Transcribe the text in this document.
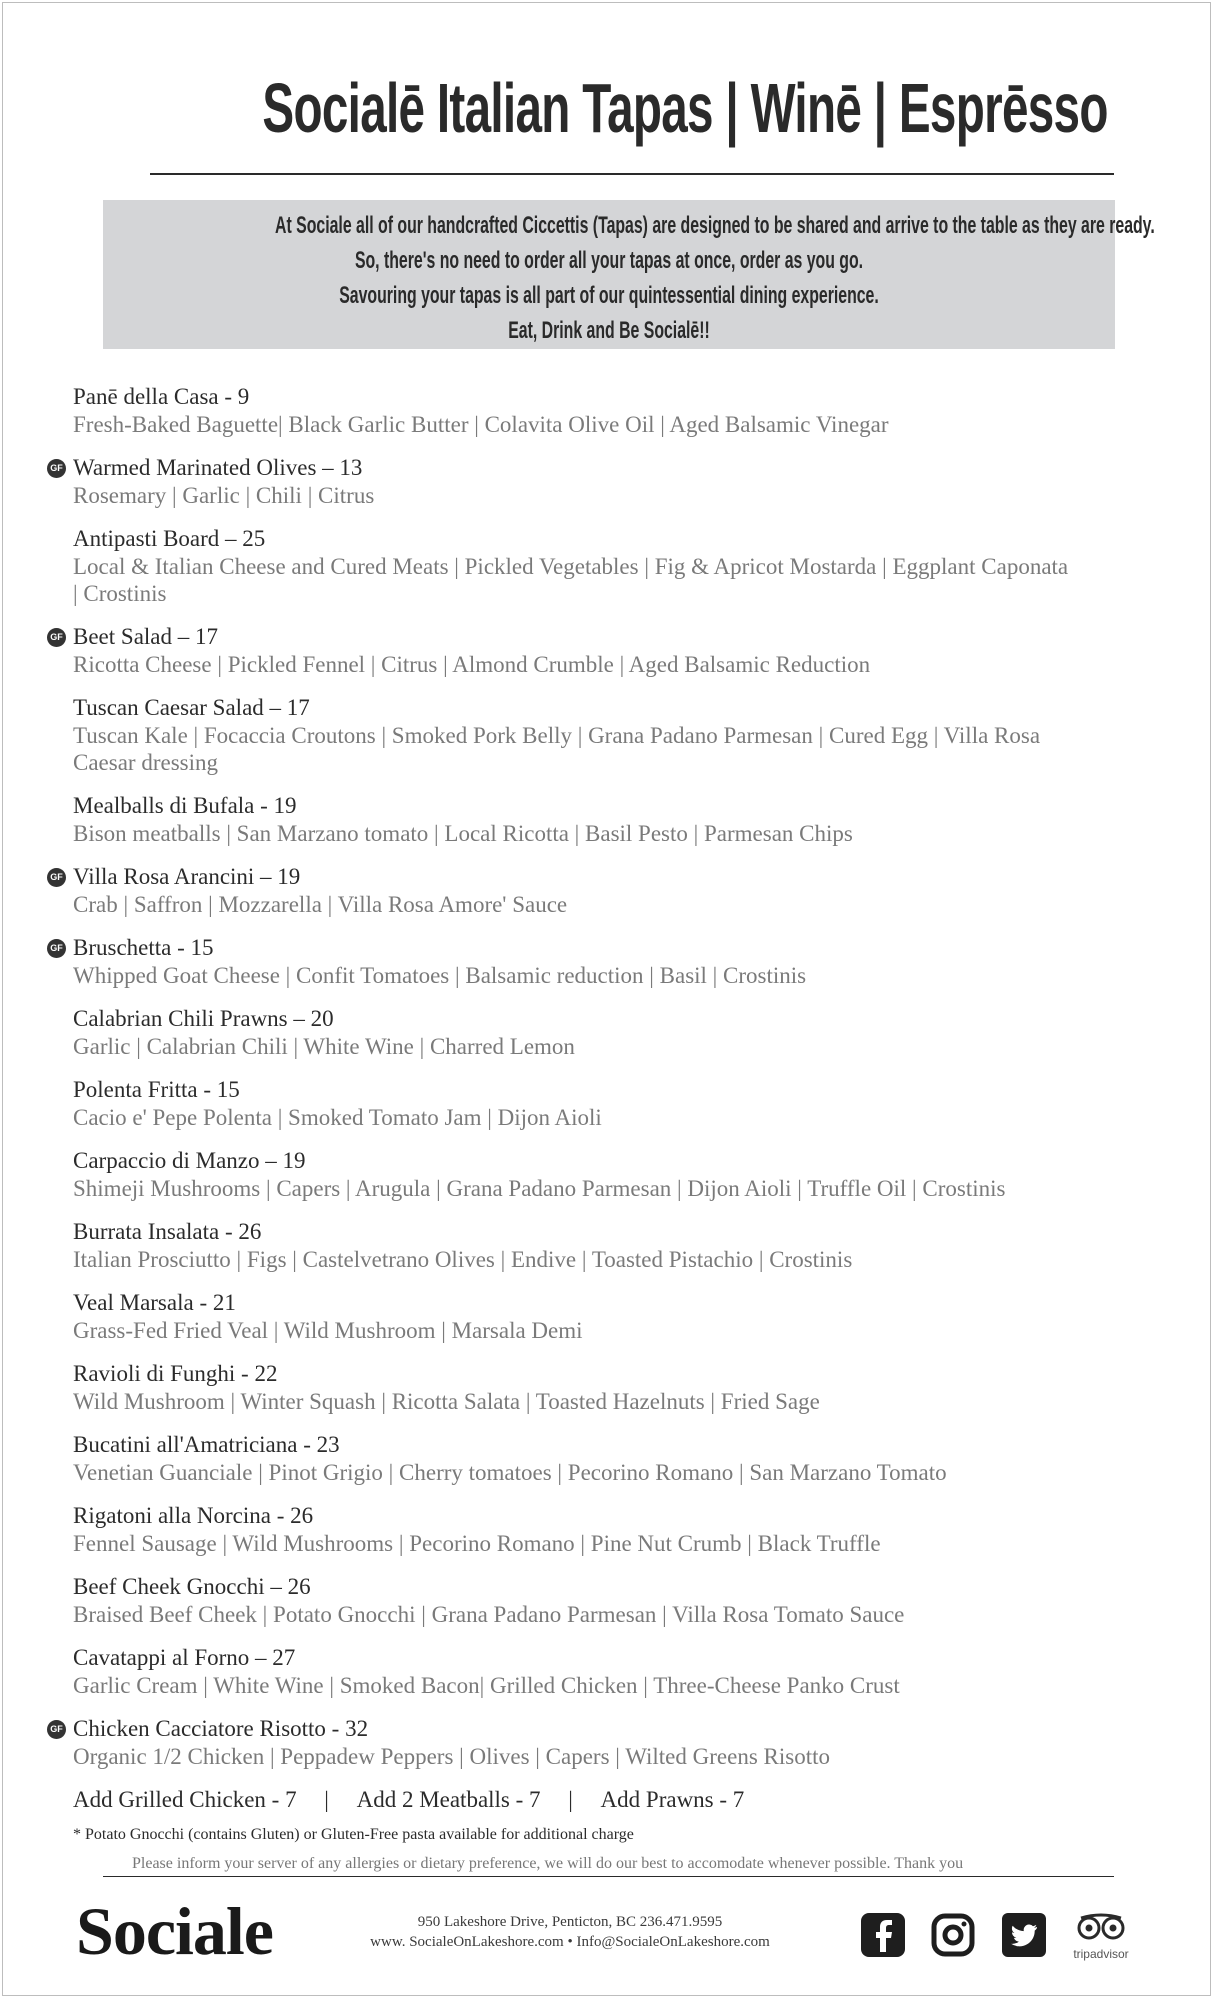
Socialē Italian Tapas | Winē | Esprēsso
At Sociale all of our handcrafted Ciccettis (Tapas) are designed to be shared and arrive to the table as they are ready.
So, there's no need to order all your tapas at once, order as you go.
Savouring your tapas is all part of our quintessential dining experience.
Eat, Drink and Be Socialē!!
Panē della Casa - 9
Fresh-Baked Baguette| Black Garlic Butter | Colavita Olive Oil | Aged Balsamic Vinegar
GF Warmed Marinated Olives – 13
Rosemary | Garlic | Chili | Citrus
Antipasti Board – 25
Local & Italian Cheese and Cured Meats | Pickled Vegetables | Fig & Apricot Mostarda | Eggplant Caponata | Crostinis
GF Beet Salad – 17
Ricotta Cheese | Pickled Fennel | Citrus | Almond Crumble | Aged Balsamic Reduction
Tuscan Caesar Salad – 17
Tuscan Kale | Focaccia Croutons | Smoked Pork Belly | Grana Padano Parmesan | Cured Egg | Villa Rosa Caesar dressing
Mealballs di Bufala - 19
Bison meatballs | San Marzano tomato | Local Ricotta | Basil Pesto | Parmesan Chips
GF Villa Rosa Arancini – 19
Crab | Saffron | Mozzarella | Villa Rosa Amore' Sauce
GF Bruschetta - 15
Whipped Goat Cheese | Confit Tomatoes | Balsamic reduction | Basil | Crostinis
Calabrian Chili Prawns – 20
Garlic | Calabrian Chili | White Wine | Charred Lemon
Polenta Fritta - 15
Cacio e' Pepe Polenta | Smoked Tomato Jam | Dijon Aioli
Carpaccio di Manzo – 19
Shimeji Mushrooms | Capers | Arugula | Grana Padano Parmesan | Dijon Aioli | Truffle Oil | Crostinis
Burrata Insalata - 26
Italian Prosciutto | Figs | Castelvetrano Olives | Endive | Toasted Pistachio | Crostinis
Veal Marsala - 21
Grass-Fed Fried Veal | Wild Mushroom | Marsala Demi
Ravioli di Funghi - 22
Wild Mushroom | Winter Squash | Ricotta Salata | Toasted Hazelnuts | Fried Sage
Bucatini all'Amatriciana - 23
Venetian Guanciale | Pinot Grigio | Cherry tomatoes | Pecorino Romano | San Marzano Tomato
Rigatoni alla Norcina - 26
Fennel Sausage | Wild Mushrooms | Pecorino Romano | Pine Nut Crumb | Black Truffle
Beef Cheek Gnocchi – 26
Braised Beef Cheek | Potato Gnocchi | Grana Padano Parmesan | Villa Rosa Tomato Sauce
Cavatappi al Forno – 27
Garlic Cream | White Wine | Smoked Bacon| Grilled Chicken | Three-Cheese Panko Crust
GF Chicken Cacciatore Risotto - 32
Organic 1/2 Chicken | Peppadew Peppers | Olives | Capers | Wilted Greens Risotto
Add Grilled Chicken - 7 | Add 2 Meatballs - 7 | Add Prawns - 7
* Potato Gnocchi (contains Gluten) or Gluten-Free pasta available for additional charge
Please inform your server of any allergies or dietary preference, we will do our best to accomodate whenever possible. Thank you
Sociale	950 Lakeshore Drive, Penticton, BC 236.471.9595
www. SocialeOnLakeshore.com • Info@SocialeOnLakeshore.com
tripadvisor
